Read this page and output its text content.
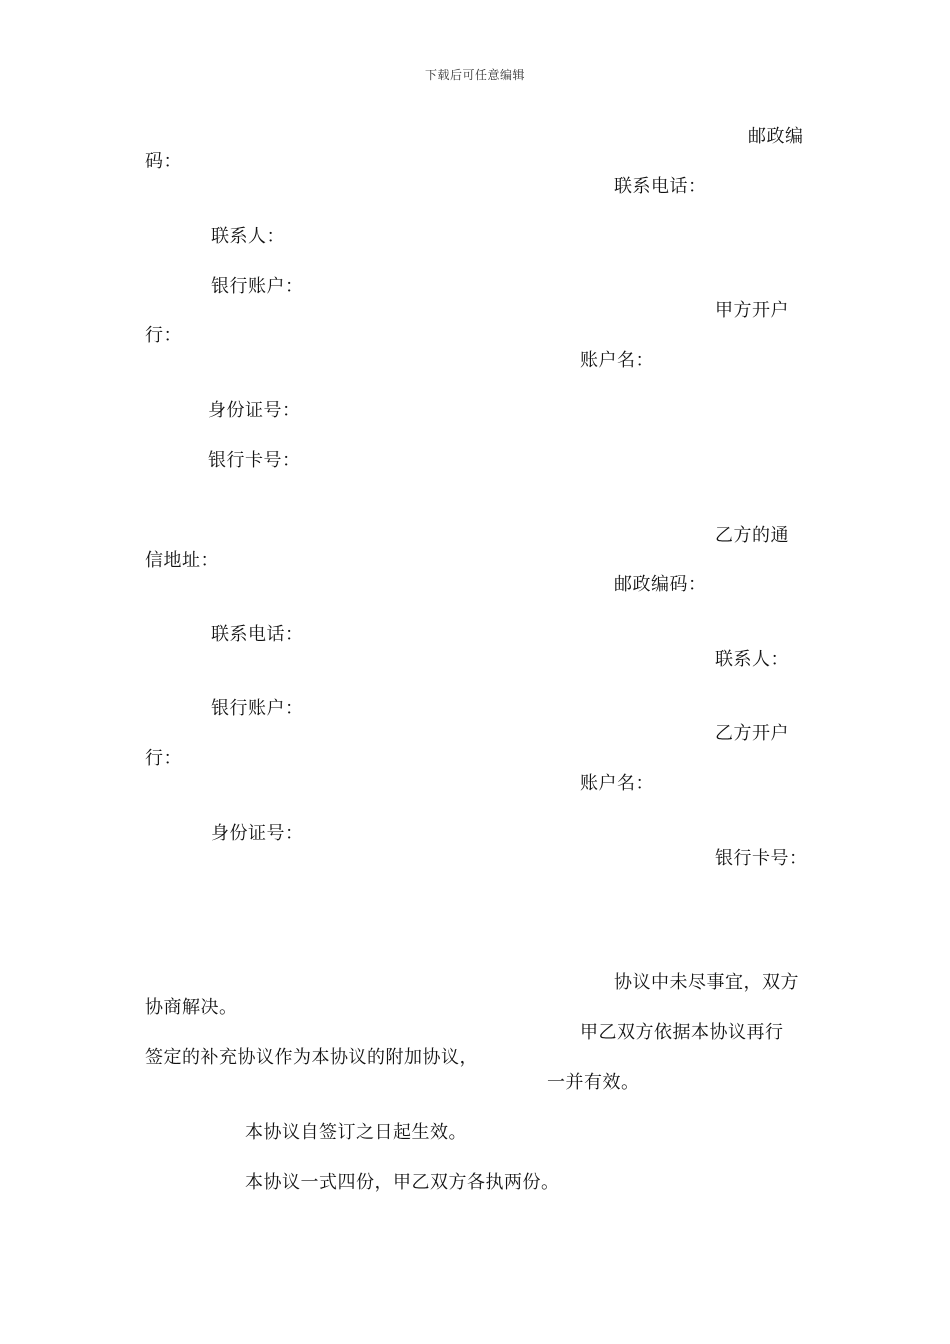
下载后可任意编辑
邮政编
码：
联系电话：
联系人：
银行账户：
甲方开户
行：
账户名：
身份证号：
银行卡号：
乙方的通
信地址：
邮政编码：
联系电话：
联系人：
银行账户：
乙方开户
行：
账户名：
身份证号：
银行卡号：
协议中未尽事宜，双方
协商解决。
甲乙双方依据本协议再行
签定的补充协议作为本协议的附加协议，
一并有效。
本协议自签订之日起生效。
本协议一式四份，甲乙双方各执两份。
